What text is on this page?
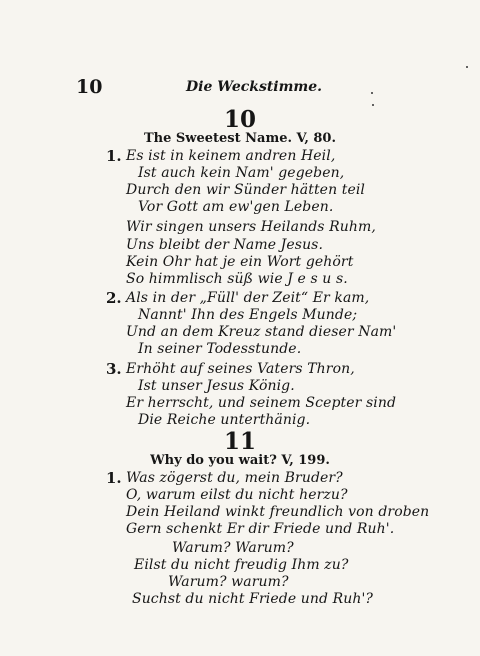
10	Die Weckstimme.
10
The Sweetest Name. V, 80.
1. Es ist in keinem andren Heil,
Ist auch kein Nam' gegeben,
Durch den wir Sünder hätten teil
Vor Gott am ew'gen Leben.
Wir singen unsers Heilands Ruhm,
Uns bleibt der Name Jesus.
Kein Ohr hat je ein Wort gehört
So himmlisch süß wie J e s u s.
2. Als in der „Füll' der Zeit“ Er kam,
Nannt' Ihn des Engels Munde;
Und an dem Kreuz stand dieser Nam'
In seiner Todesstunde.
3. Erhöht auf seines Vaters Thron,
Ist unser Jesus König.
Er herrscht, und seinem Scepter sind
Die Reiche unterthänig.
11
Why do you wait? V, 199.
1. Was zögerst du, mein Bruder?
O, warum eilst du nicht herzu?
Dein Heiland winkt freundlich von droben
Gern schenkt Er dir Friede und Ruh'.
Warum? Warum?
Eilst du nicht freudig Ihm zu?
Warum? warum?
Suchst du nicht Friede und Ruh'?
